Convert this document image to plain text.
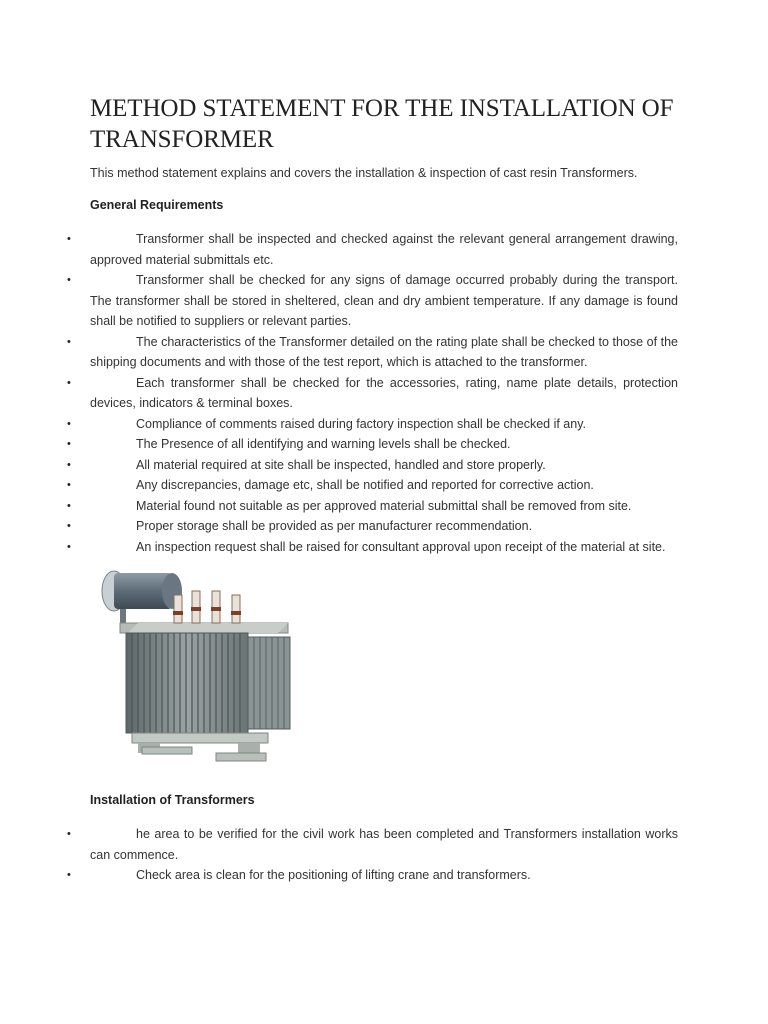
METHOD STATEMENT FOR THE INSTALLATION OF TRANSFORMER

This method statement explains and covers the installation & inspection of cast resin Transformers.

General Requirements

•	Transformer shall be inspected and checked against the relevant general arrangement drawing, approved material submittals etc.
•	Transformer shall be checked for any signs of damage occurred probably during the transport. The transformer shall be stored in sheltered, clean and dry ambient temperature. If any damage is found shall be notified to suppliers or relevant parties.
•	The characteristics of the Transformer detailed on the rating plate shall be checked to those of the shipping documents and with those of the test report, which is attached to the transformer.
•	Each transformer shall be checked for the accessories, rating, name plate details, protection devices, indicators & terminal boxes.
•	Compliance of comments raised during factory inspection shall be checked if any.
•	The Presence of all identifying and warning levels shall be checked.
•	All material required at site shall be inspected, handled and store properly.
•	Any discrepancies, damage etc, shall be notified and reported for corrective action.
•	Material found not suitable as per approved material submittal shall be removed from site.
•	Proper storage shall be provided as per manufacturer recommendation.
•	An inspection request shall be raised for consultant approval upon receipt of the material at site.

Installation of Transformers

•	he area to be verified for the civil work has been completed and Transformers installation works can commence.
•	Check area is clean for the positioning of lifting crane and transformers.
